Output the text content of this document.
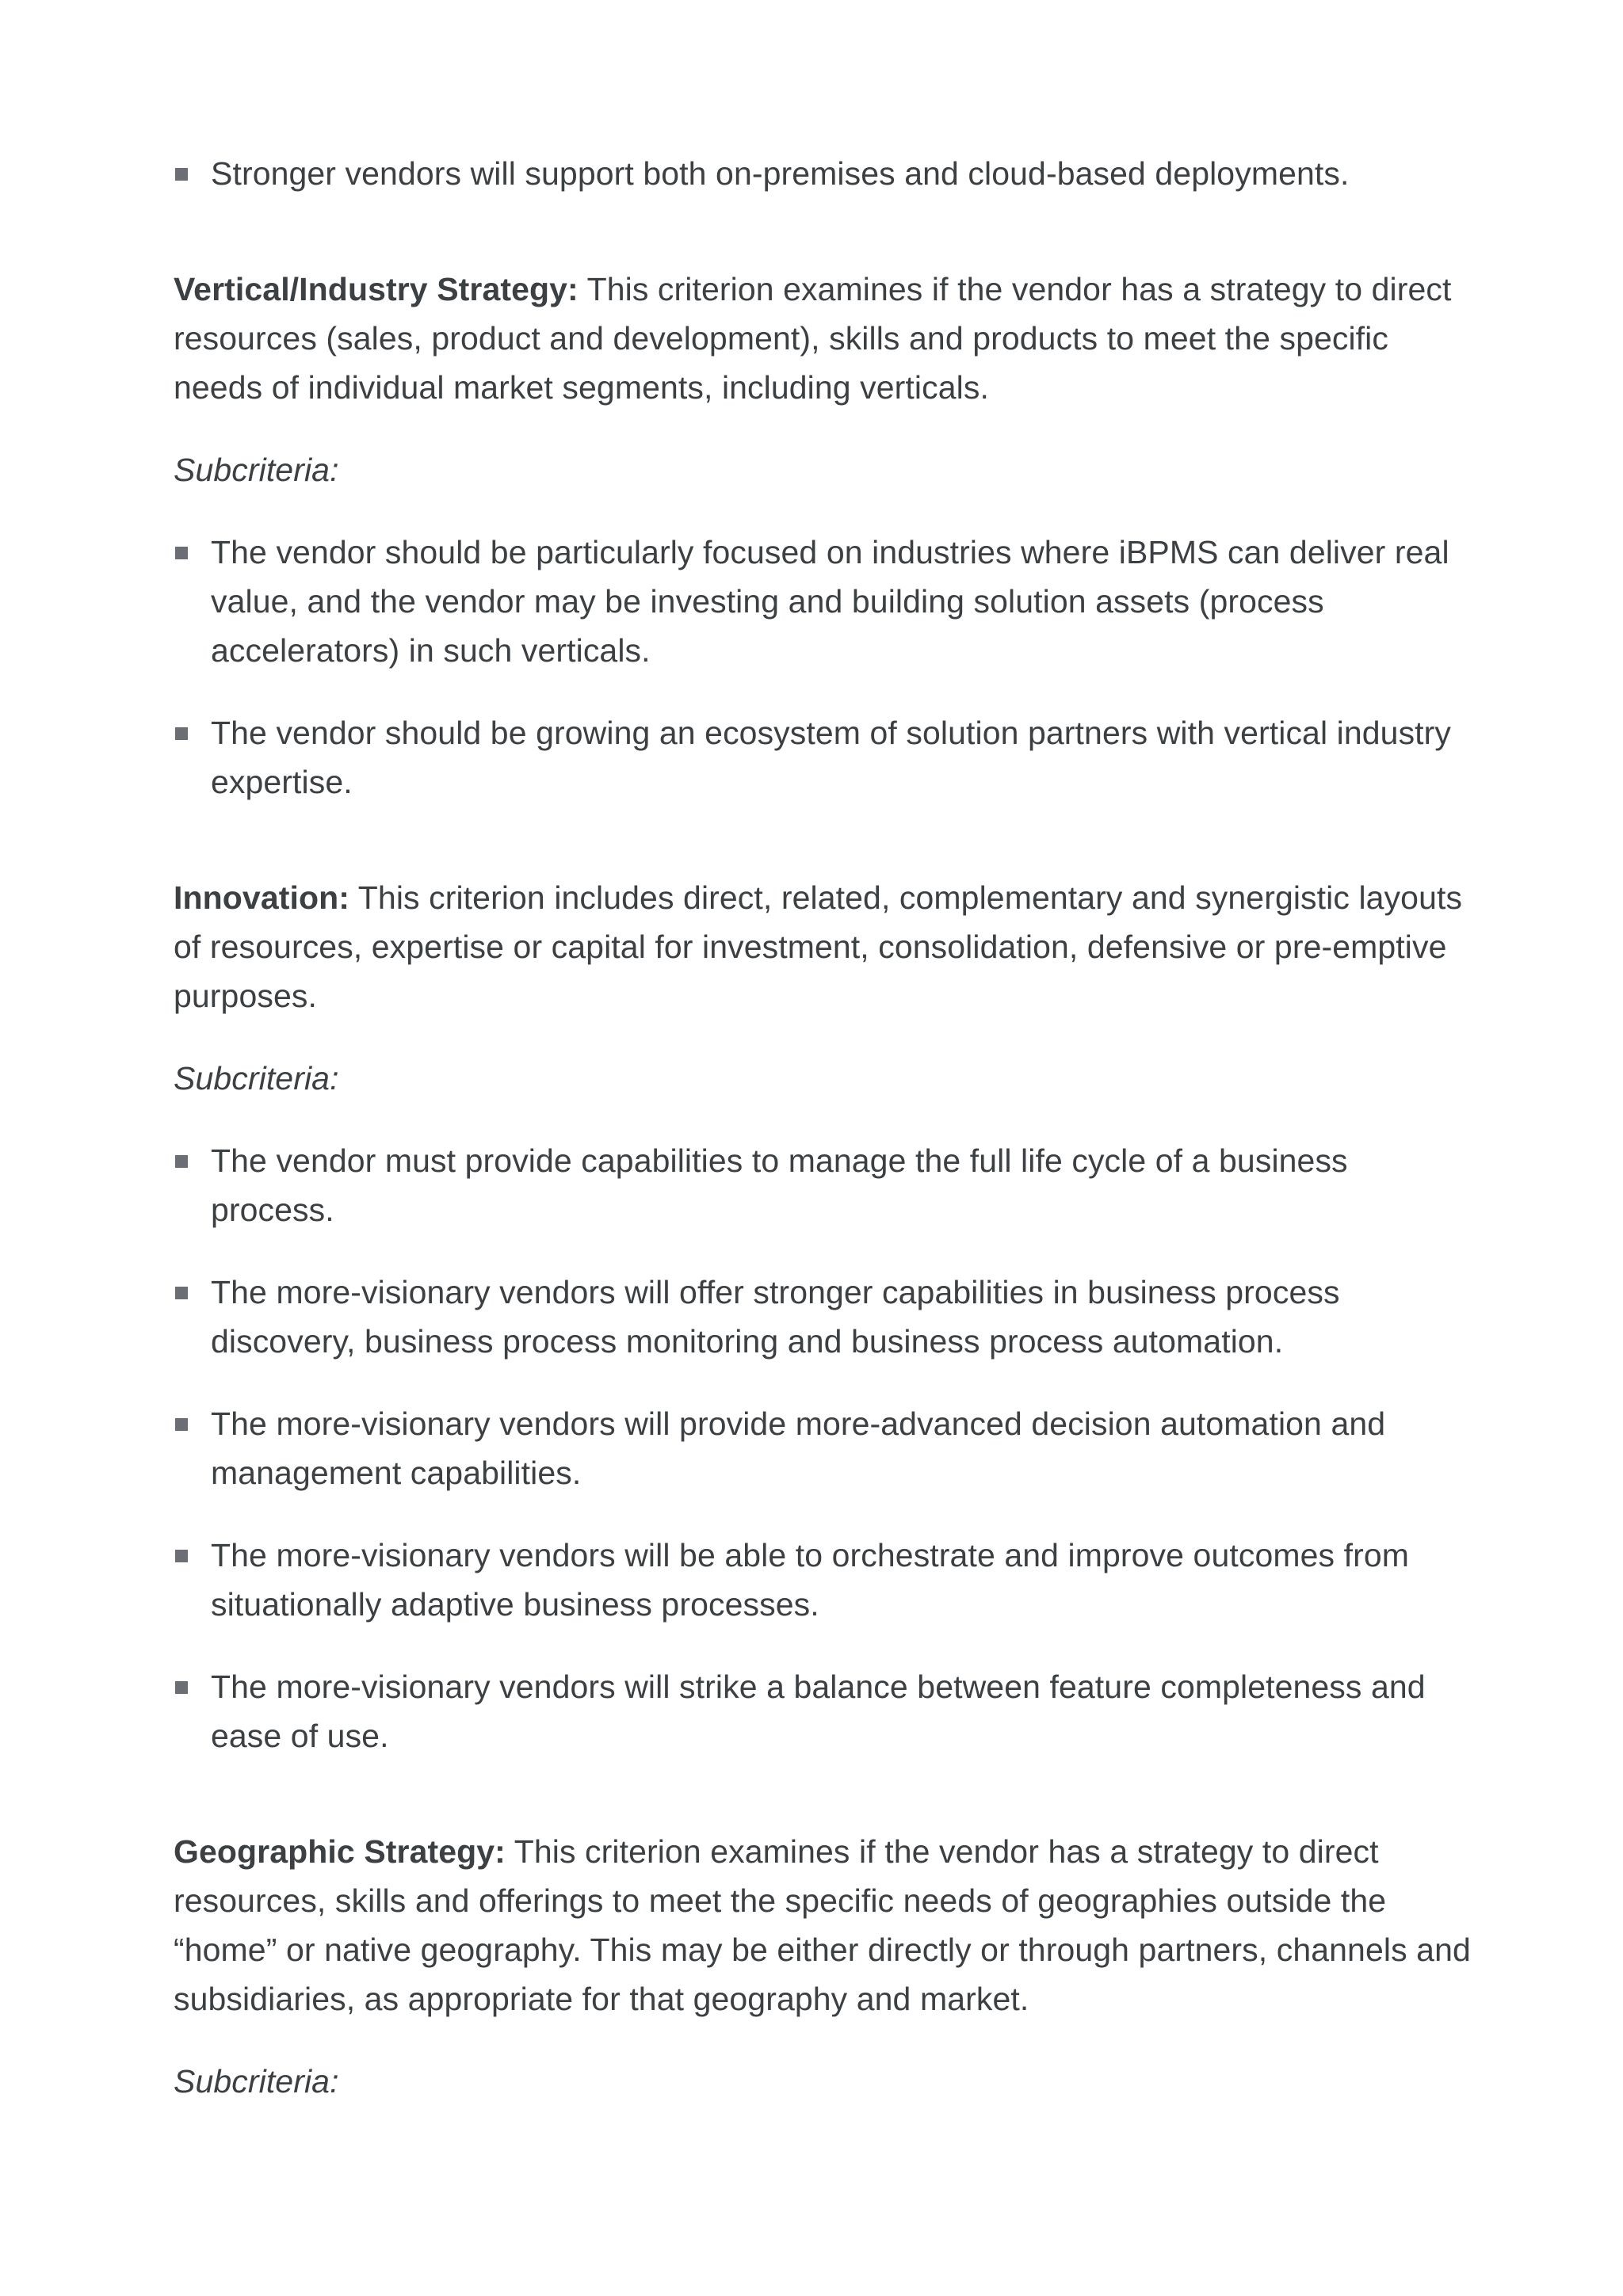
Stronger vendors will support both on-premises and cloud-based deployments.

Vertical/Industry Strategy: This criterion examines if the vendor has a strategy to direct resources (sales, product and development), skills and products to meet the specific needs of individual market segments, including verticals.

Subcriteria:

The vendor should be particularly focused on industries where iBPMS can deliver real value, and the vendor may be investing and building solution assets (process accelerators) in such verticals.
The vendor should be growing an ecosystem of solution partners with vertical industry expertise.

Innovation: This criterion includes direct, related, complementary and synergistic layouts of resources, expertise or capital for investment, consolidation, defensive or pre-emptive purposes.

Subcriteria:

The vendor must provide capabilities to manage the full life cycle of a business process.
The more-visionary vendors will offer stronger capabilities in business process discovery, business process monitoring and business process automation.
The more-visionary vendors will provide more-advanced decision automation and management capabilities.
The more-visionary vendors will be able to orchestrate and improve outcomes from situationally adaptive business processes.
The more-visionary vendors will strike a balance between feature completeness and ease of use.

Geographic Strategy: This criterion examines if the vendor has a strategy to direct resources, skills and offerings to meet the specific needs of geographies outside the “home” or native geography. This may be either directly or through partners, channels and subsidiaries, as appropriate for that geography and market.

Subcriteria:
